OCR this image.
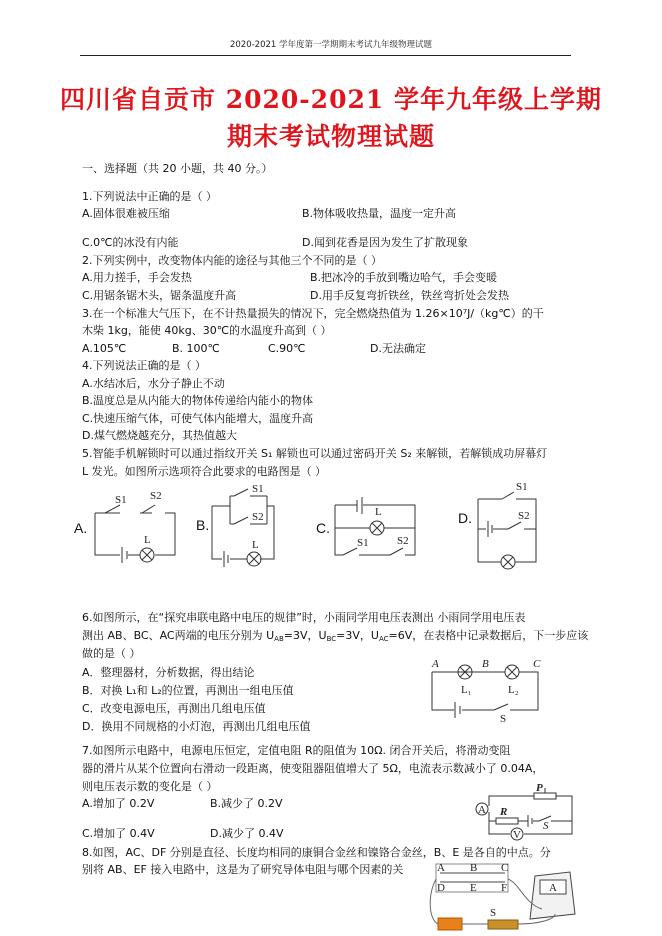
2020-2021 学年度第一学期期末考试九年级物理试题
四川省自贡市 2020-2021 学年九年级上学期
期末考试物理试题
一、选择题（共 20 小题，共 40 分。）
1.下列说法中正确的是（ ）
A.固体很难被压缩	B.物体吸收热量，温度一定升高
C.0℃的冰没有内能	D.闻到花香是因为发生了扩散现象
2.下列实例中，改变物体内能的途径与其他三个不同的是（ ）
A.用力搓手，手会发热	B.把冰冷的手放到嘴边哈气，手会变暖
C.用锯条锯木头，锯条温度升高	D.用手反复弯折铁丝，铁丝弯折处会发热
3.在一个标准大气压下，在不计热量损失的情况下，完全燃烧热值为 1.26×10⁷J/（kg℃）的干
木柴 1kg，能使 40kg、30℃的水温度升高到（ ）
A.105℃	B. 100℃	C.90℃	D.无法确定
4.下列说法正确的是（ ）
A.水结冰后，水分子静止不动
B.温度总是从内能大的物体传递给内能小的物体
C.快速压缩气体，可使气体内能增大，温度升高
D.煤气燃烧越充分，其热值越大
5.智能手机解锁时可以通过指纹开关 S₁ 解锁也可以通过密码开关 S₂ 来解锁，若解锁成功屏幕灯
L 发光。如图所示选项符合此要求的电路图是（ ）
A.
S1 S2
L
B.
S1
S2
L
C.
L
S1	S2
D.
S1
S2
6.如图所示，在“探究串联电路中电压的规律”时，小雨同学用电压表测出 小雨同学用电压表
测出 AB、BC、AC两端的电压分别为 $U_{AB}=3V$，$U_{BC}=3V$，$U_{AC}=6V$，在表格中记录数据后，下一步应该
做的是（ ）
A．整理器材，分析数据，得出结论
B．对换 L₁和 L₂的位置，再测出一组电压值
C．改变电源电压，再测出几组电压值
D．换用不同规格的小灯泡，再测出几组电压值
A	B	C
L₁	L₂
S
7.如图所示电路中，电源电压恒定，定值电阻 R的阻值为 10Ω. 闭合开关后，将滑动变阻
器的滑片从某个位置向右滑动一段距离，使变阻器阻值增大了 5Ω，电流表示数减小了 0.04A，
则电压表示数的变化是（ ）
A.增加了 0.2V	B.减少了 0.2V
C.增加了 0.4V	D.减少了 0.4V
A
V
P
R
S
8.如图，AC、DF 分别是直径、长度均相同的康铜合金丝和镍铬合金丝，B、E 是各自的中点。分
别将 AB、EF 接入电路中，这是为了研究导体电阻与哪个因素的关	A B C
D E F	A
S
